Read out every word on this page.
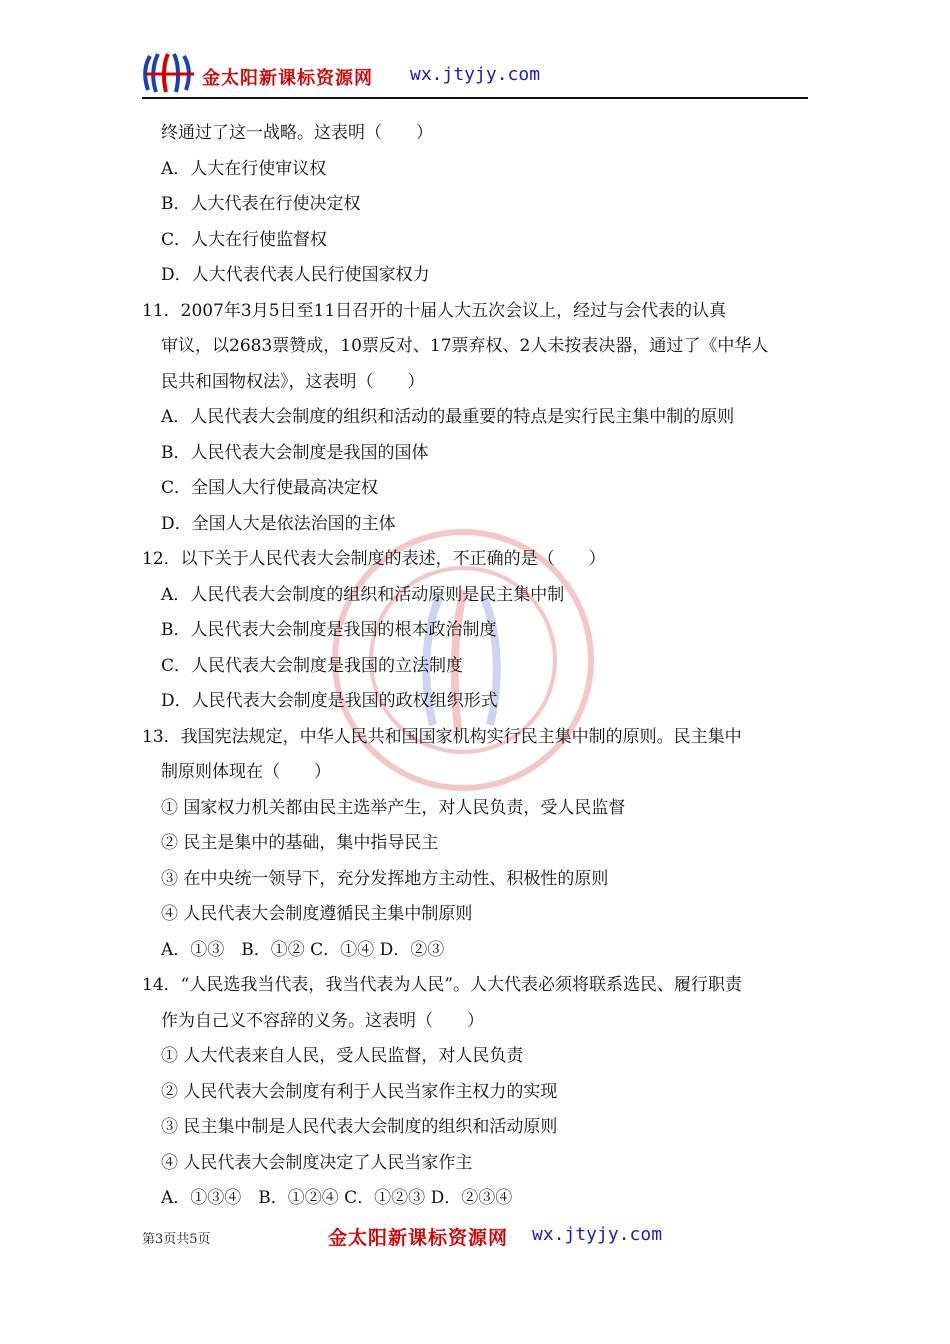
金太阳新课标资源网 wx.jtyjy.com
终通过了这一战略。这表明（　　）
A．人大在行使审议权
B．人大代表在行使决定权
C．人大在行使监督权
D．人大代表代表人民行使国家权力
11．2007年3月5日至11日召开的十届人大五次会议上，经过与会代表的认真
审议，以2683票赞成，10票反对、17票弃权、2人未按表决器，通过了《中华人
民共和国物权法》，这表明（　　）
A．人民代表大会制度的组织和活动的最重要的特点是实行民主集中制的原则
B．人民代表大会制度是我国的国体
C．全国人大行使最高决定权
D．全国人大是依法治国的主体
12．以下关于人民代表大会制度的表述，不正确的是（　　）
A．人民代表大会制度的组织和活动原则是民主集中制
B．人民代表大会制度是我国的根本政治制度
C．人民代表大会制度是我国的立法制度
D．人民代表大会制度是我国的政权组织形式
13．我国宪法规定，中华人民共和国国家机构实行民主集中制的原则。民主集中
制原则体现在（　　）
① 国家权力机关都由民主选举产生，对人民负责，受人民监督
② 民主是集中的基础，集中指导民主
③ 在中央统一领导下，充分发挥地方主动性、积极性的原则
④ 人民代表大会制度遵循民主集中制原则
A．①③　B．①② C．①④ D．②③
14．“人民选我当代表，我当代表为人民”。人大代表必须将联系选民、履行职责
作为自己义不容辞的义务。这表明（　　）
① 人大代表来自人民，受人民监督，对人民负责
② 人民代表大会制度有利于人民当家作主权力的实现
③ 民主集中制是人民代表大会制度的组织和活动原则
④ 人民代表大会制度决定了人民当家作主
A．①③④　B．①②④ C．①②③ D．②③④
第3页共5页	金太阳新课标资源网 wx.jtyjy.com
